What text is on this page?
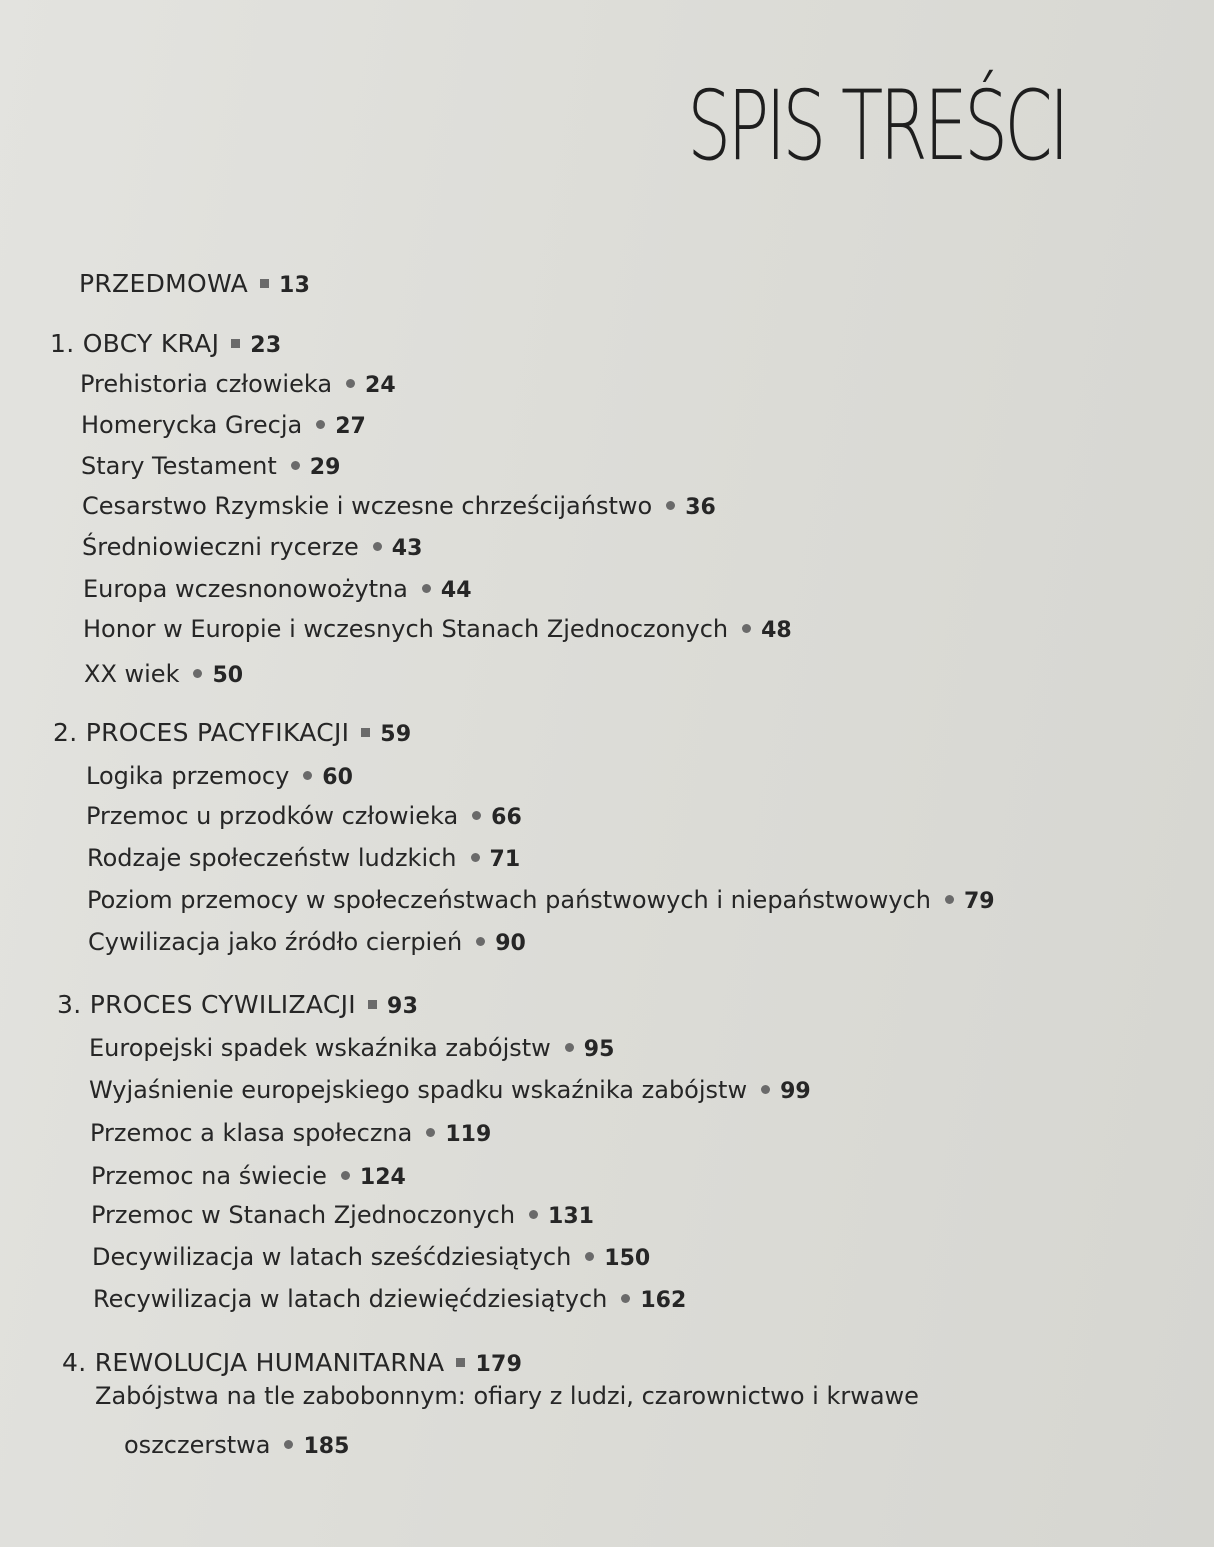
SPIS TREŚCI
PRZEDMOWA 13
1. OBCY KRAJ 23
Prehistoria człowieka 24
Homerycka Grecja 27
Stary Testament 29
Cesarstwo Rzymskie i wczesne chrześcijaństwo 36
Średniowieczni rycerze 43
Europa wczesnonowożytna 44
Honor w Europie i wczesnych Stanach Zjednoczonych 48
XX wiek 50
2. PROCES PACYFIKACJI 59
Logika przemocy 60
Przemoc u przodków człowieka 66
Rodzaje społeczeństw ludzkich 71
Poziom przemocy w społeczeństwach państwowych i niepaństwowych 79
Cywilizacja jako źródło cierpień 90
3. PROCES CYWILIZACJI 93
Europejski spadek wskaźnika zabójstw 95
Wyjaśnienie europejskiego spadku wskaźnika zabójstw 99
Przemoc a klasa społeczna 119
Przemoc na świecie 124
Przemoc w Stanach Zjednoczonych 131
Decywilizacja w latach sześćdziesiątych 150
Recywilizacja w latach dziewięćdziesiątych 162
4. REWOLUCJA HUMANITARNA 179
Zabójstwa na tle zabobonnym: ofiary z ludzi, czarownictwo i krwawe
oszczerstwa 185
